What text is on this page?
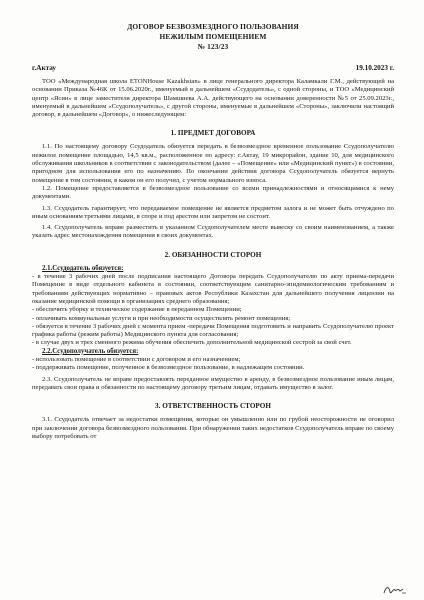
ДОГОВОР БЕЗВОЗМЕЗДНОГО ПОЛЬЗОВАНИЯ
НЕЖИЛЫМ ПОМЕЩЕНИЕМ
№ 123/23
г.Актау	19.10.2023 г.

ТОО «Международная школа ETONHouse Kazakhstan» в лице генерального директора Каламкали Г.М., действующей на основании Приказа №46К от 15.06.2020г., именуемый в дальнейшем «Ссудодатель», с одной стороны, и ТОО «Медицинский центр «Ясин» в лице заместителя директора Шамшиева А.А. действующего на основании доверенности №5 от 25.09.2023г., именуемый в дальнейшем «Ссудополучатель», с другой стороны, именуемые в дальнейшем «Стороны», заключили настоящий договор, в дальнейшем «Договор», о нижеследующем:

1. ПРЕДМЕТ ДОГОВОРА

1.1. По настоящему договору Ссудодатель обязуется передать в безвозмездное временное пользование Ссудополучателю нежилое помещение площадью, 14,5 кв.м., расположенное по адресу: г.Актау, 19 микрорайон, здание 10, для медицинского обслуживания школьников в соответствии с законодательством (далее – «Помещение» или «Медицинский пункт») в состоянии, пригодном для использования его по назначению. По окончании действия договора Ссудополучатель обязуется вернуть помещение в том состоянии, в каком он его получил, с учетом нормального износа.

1.2. Помещение предоставляется в безвозмездное пользование со всеми принадлежностями и относящимися к нему документами.

1.3. Ссудодатель гарантирует, что передаваемое помещение не является предметом залога и не может быть отчуждено по иным основаниям третьими лицами, в споре и под арестом или запретом не состоит.

1.4. Ссудополучатель вправе разместить в указанном Ссудополучателем месте вывеску со своим наименованием, а также указать адрес местонахождения помещения в своих документах.

2. ОБЯЗАННОСТИ СТОРОН
2.1.Ссудодатель обязуется:

- в течение 3 рабочих дней после подписания настоящего Договора передать Ссудополучателю по акту приема-передачи Помещение в виде отдельного кабинета в состоянии, соответствующим санитарно-эпидемиологическим требованиям и требованиям действующих нормативно – правовых актов Республики Казахстан для дальнейшего получения лицензии на оказание медицинской помощи в организациях среднего образования;

- обеспечить уборку и техническое содержание в переданном Помещении;

- оплачивать коммунальные услуги и при необходимости осуществлять ремонт помещения;

- обязуется в течение 3 рабочих дней с момента прием -передачи Помещения подготовить и направить Ссудополучателю проект графика работы (режим работы) Медицинского пункта для согласования;

- в случае двух и трех сменного режима обучения обеспечить дополнительной медицинской сестрой за свой счет.

2.2.Ссудополучатель обязуется:

- использовать помещение в соответствии с договором и его назначением;

- поддерживать помещение, полученное в безвозмездное пользование, в надлежащем состоянии.

2.3. Ссудополучатель не вправе предоставлять переданное имущество в аренду, в безвозмездное пользование иным лицам, передавать свои права и обязанности по настоящему договору третьим лицам, отдавать имущество в залог.

3. ОТВЕТСТВЕННОСТЬ СТОРОН

3.1. Ссудодатель отвечает за недостатки помещения, которые он умышленно или по грубой неосторожности не оговорил при заключении договора безвозмездного пользования. При обнаружении таких недостатков Ссудополучатель вправе по своему выбору потребовать от
